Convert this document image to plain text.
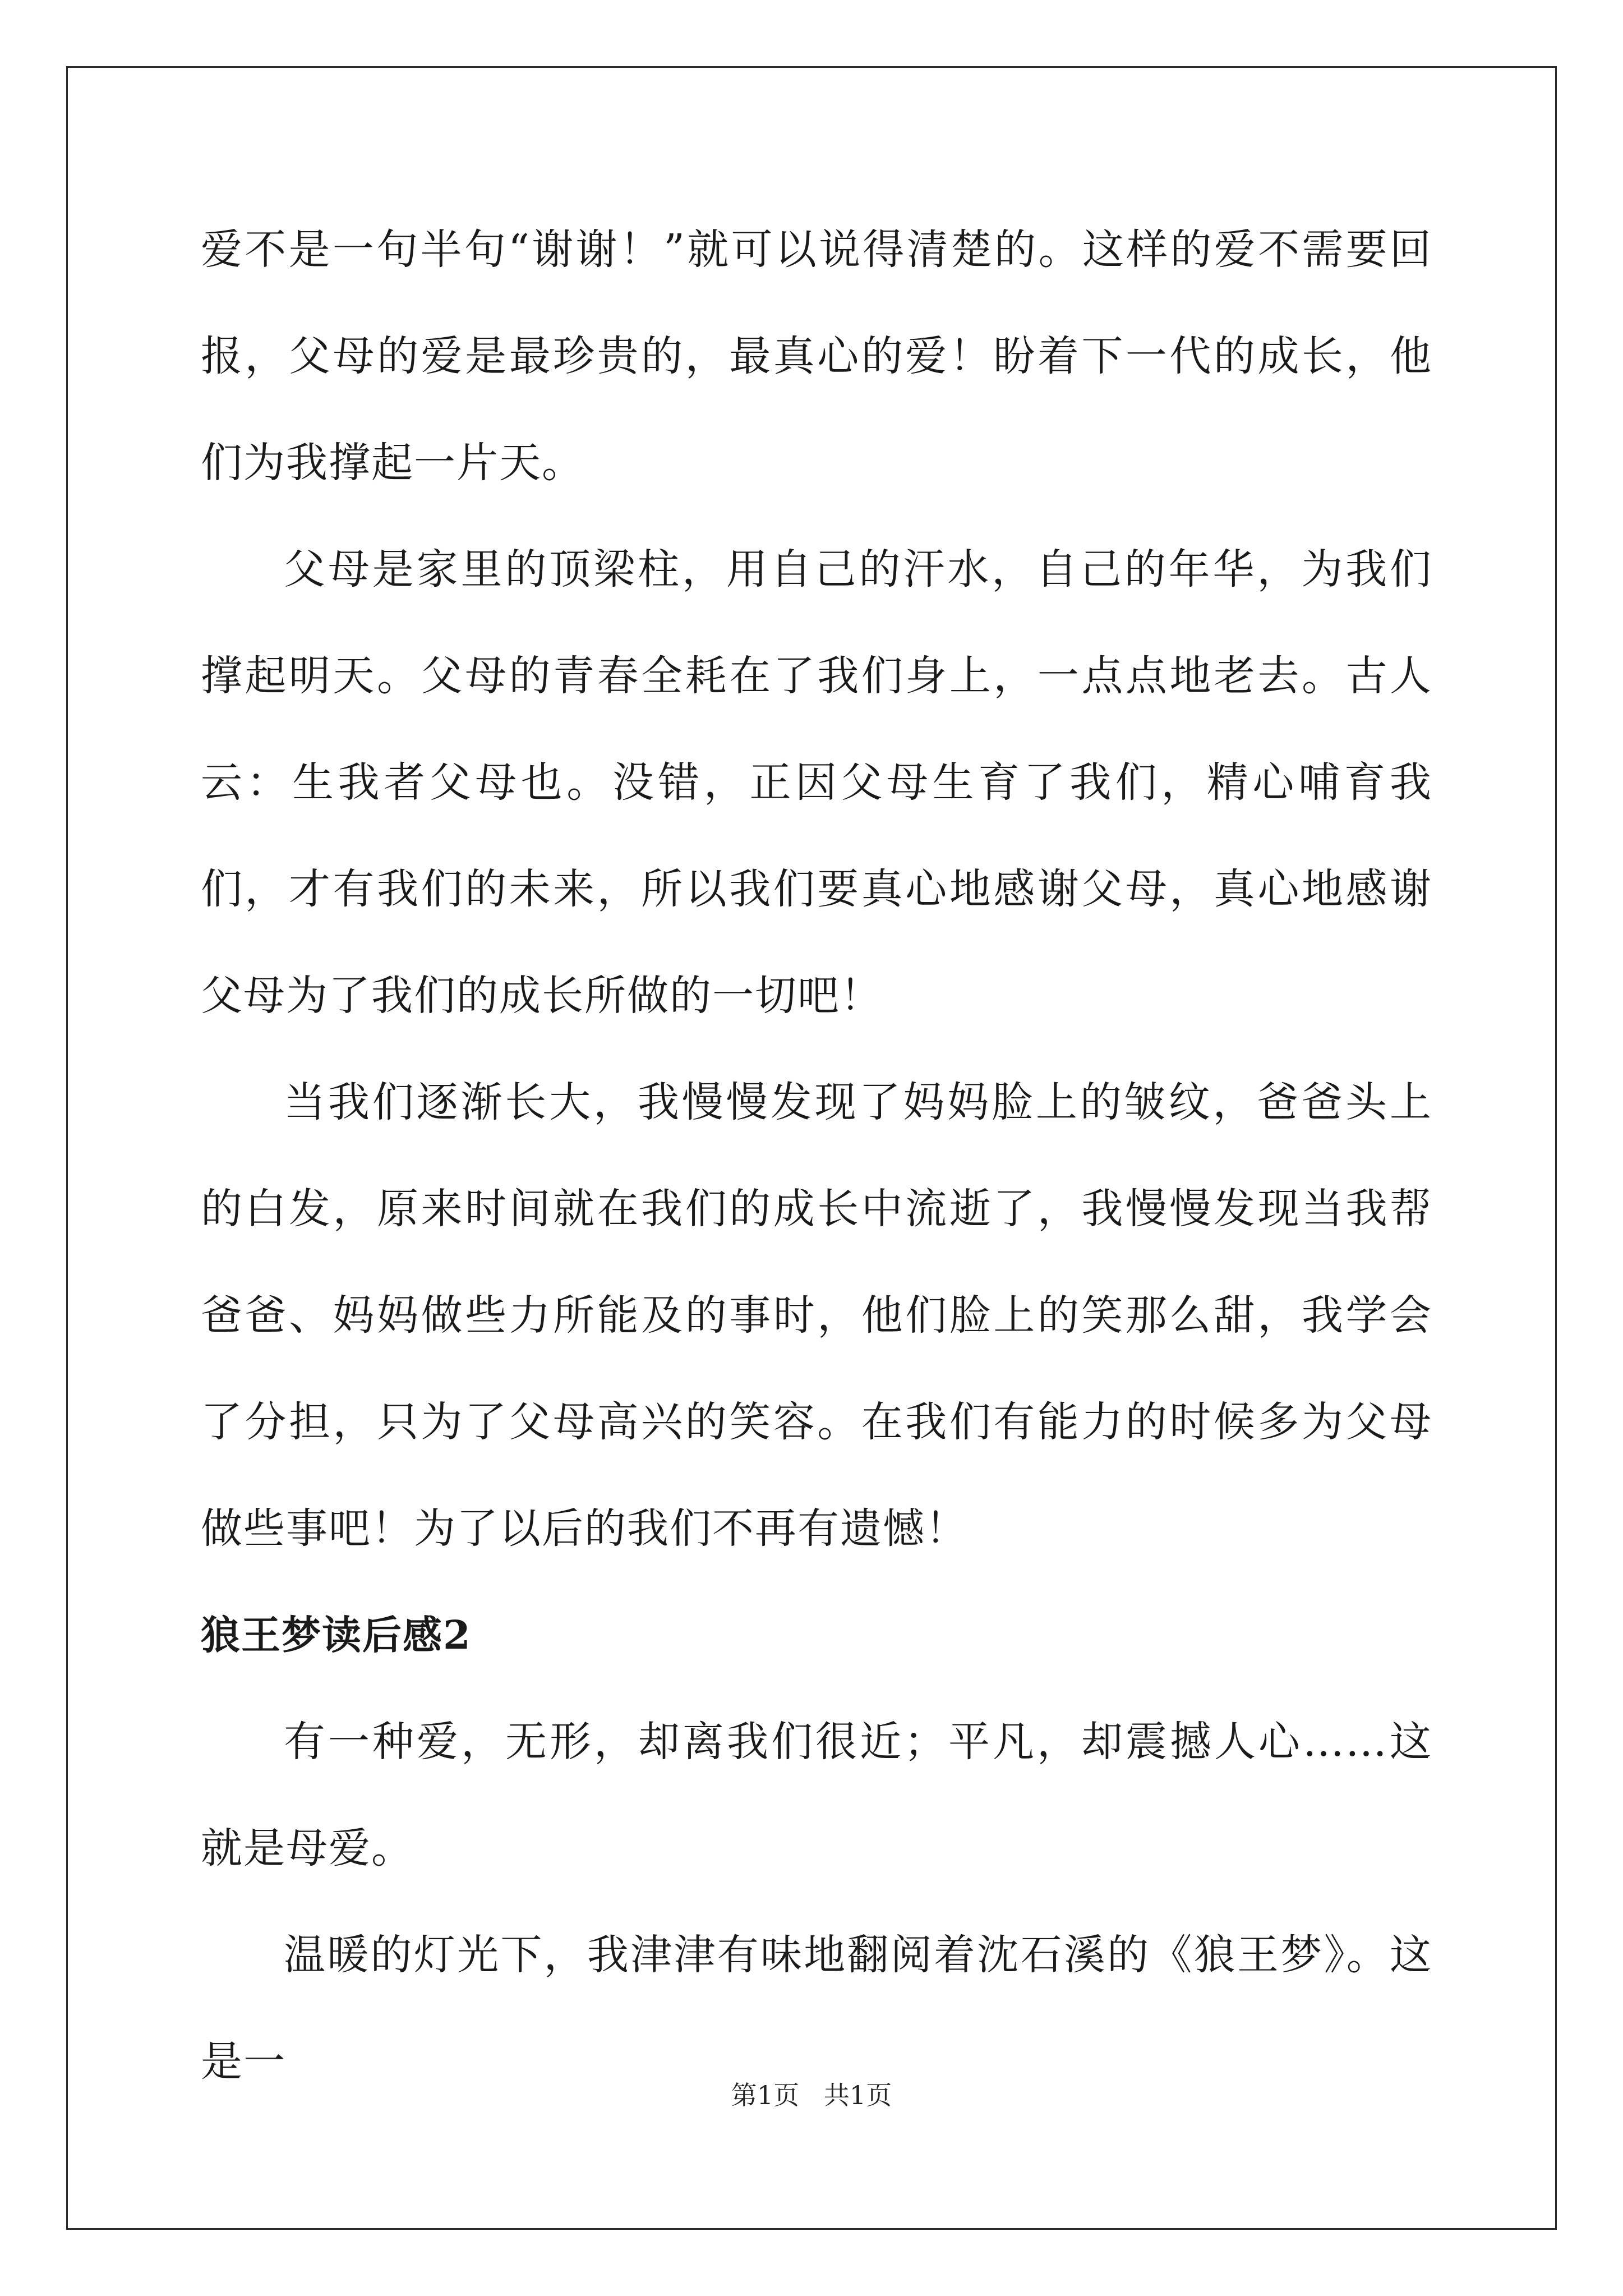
爱不是一句半句“谢谢！”就可以说得清楚的。这样的爱不需要回报，父母的爱是最珍贵的，最真心的爱！盼着下一代的成长，他们为我撑起一片天。

父母是家里的顶梁柱，用自己的汗水，自己的年华，为我们撑起明天。父母的青春全耗在了我们身上，一点点地老去。古人云：生我者父母也。没错，正因父母生育了我们，精心哺育我们，才有我们的未来，所以我们要真心地感谢父母，真心地感谢父母为了我们的成长所做的一切吧！

当我们逐渐长大，我慢慢发现了妈妈脸上的皱纹，爸爸头上的白发，原来时间就在我们的成长中流逝了，我慢慢发现当我帮爸爸、妈妈做些力所能及的事时，他们脸上的笑那么甜，我学会了分担，只为了父母高兴的笑容。在我们有能力的时候多为父母做些事吧！为了以后的我们不再有遗憾！

狼王梦读后感2

有一种爱，无形，却离我们很近；平凡，却震撼人心……这就是母爱。

温暖的灯光下，我津津有味地翻阅着沈石溪的《狼王梦》。这是一

第1页   共1页
